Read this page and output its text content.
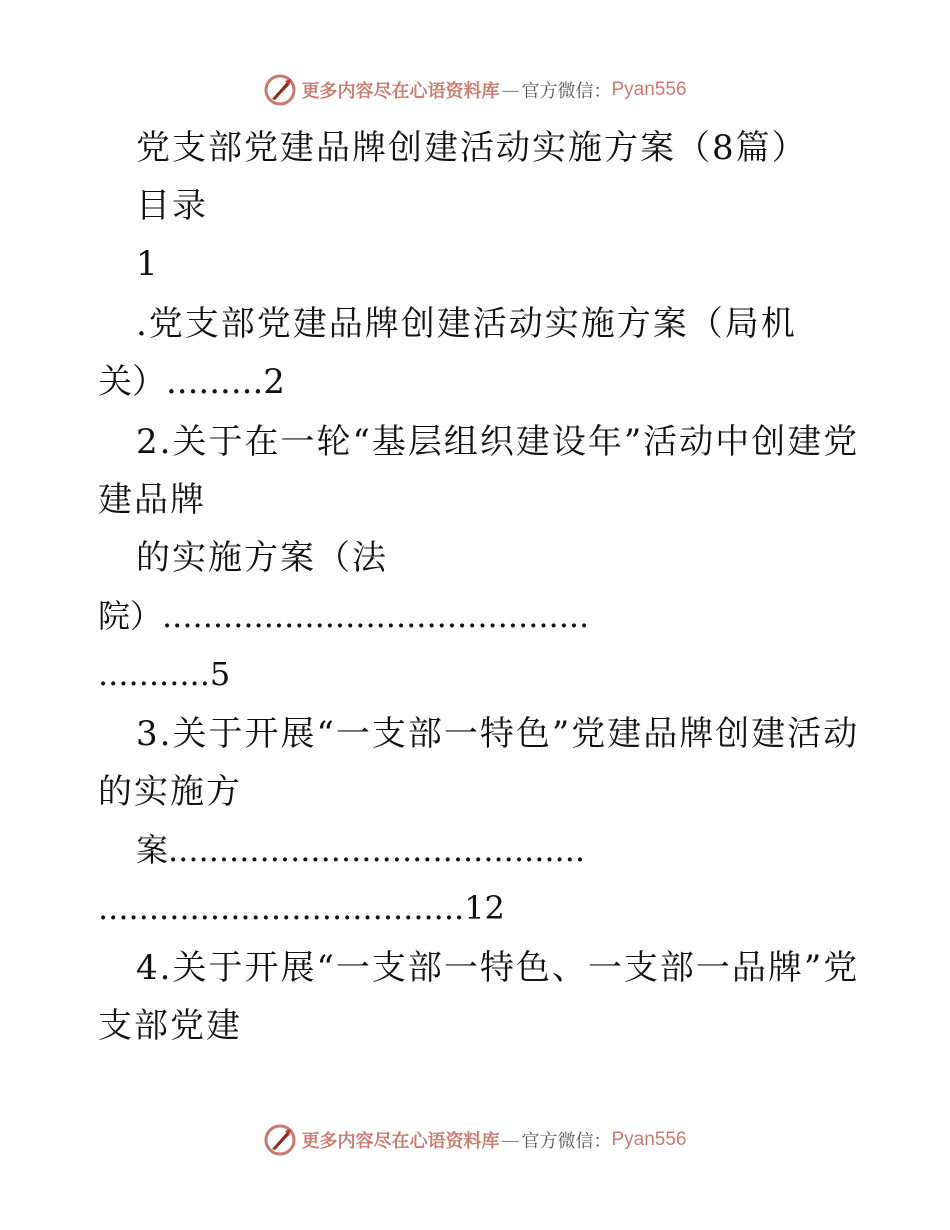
更多内容尽在心语资料库 — 官方微信： Pyan556
党支部党建品牌创建活动实施方案（8篇）
目录
1
.党支部党建品牌创建活动实施方案（局机
关）.........2
2.关于在一轮“基层组织建设年”活动中创建党
建品牌
的实施方案（法
院）..........................................
...........5
3.关于开展“一支部一特色”党建品牌创建活动
的实施方
案.........................................
....................................12
4.关于开展“一支部一特色、一支部一品牌”党
支部党建
更多内容尽在心语资料库 — 官方微信： Pyan556
